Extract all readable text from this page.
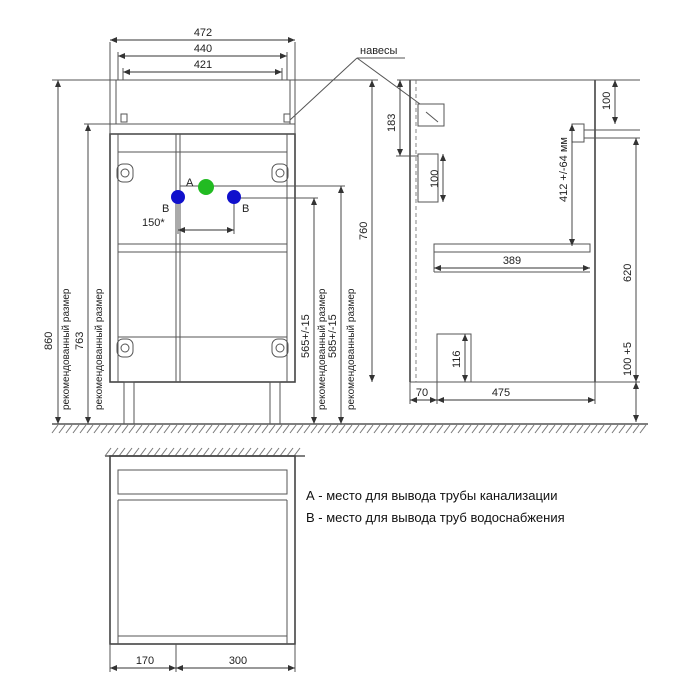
472
440
421
навесы
860 рекомендованный размер 763 рекомендованный размер	565+/-15 рекомендованный размер 585+/-15 рекомендованный размер
760
150*
A
B	B
183
100
389
116
70	475
100
412 +/-64 мм
620
100 +5
170	300
А - место для вывода трубы канализации
В - место для вывода труб водоснабжения
